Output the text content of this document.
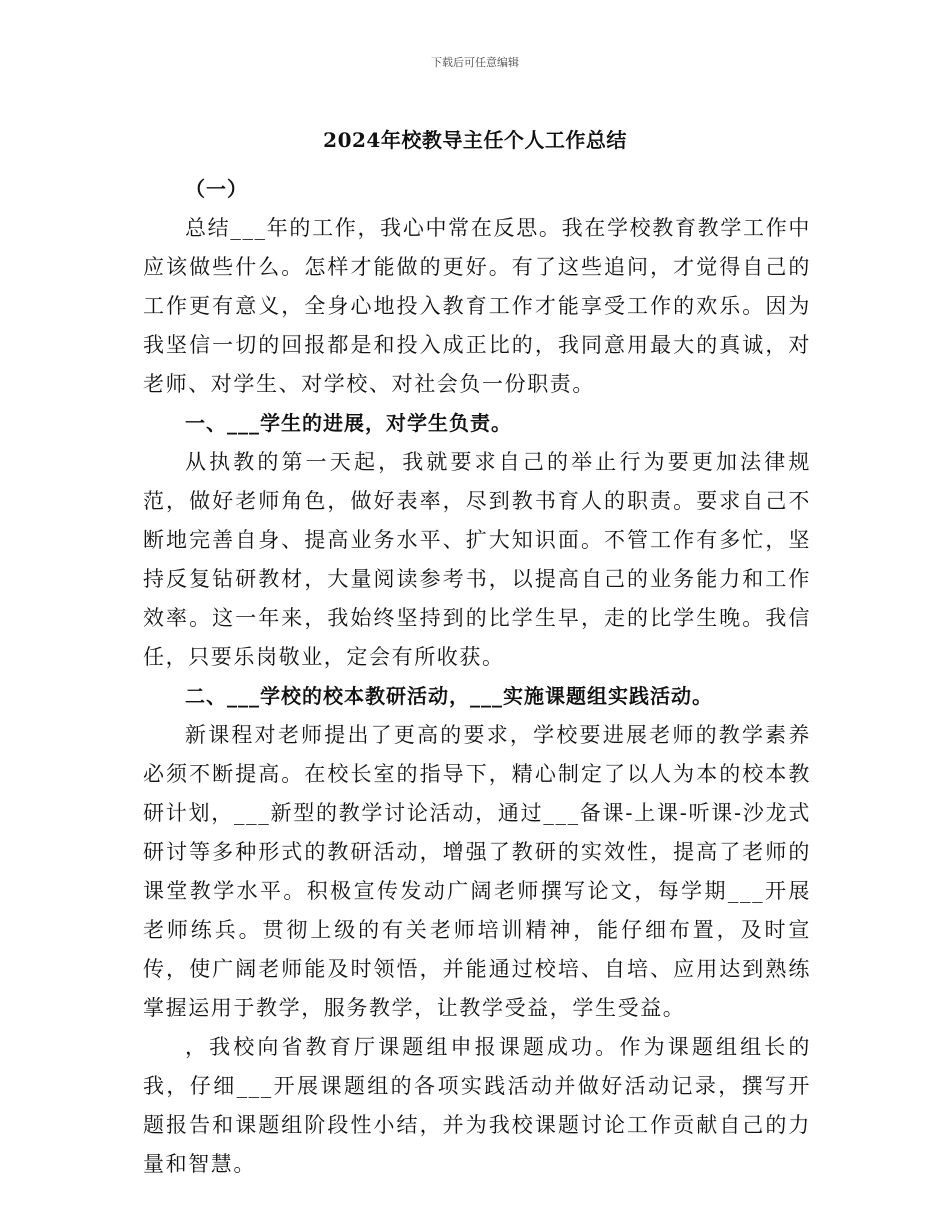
下载后可任意编辑
2024年校教导主任个人工作总结

（一）

总结___年的工作，我心中常在反思。我在学校教育教学工作中应该做些什么。怎样才能做的更好。有了这些追问，才觉得自己的工作更有意义，全身心地投入教育工作才能享受工作的欢乐。因为我坚信一切的回报都是和投入成正比的，我同意用最大的真诚，对老师、对学生、对学校、对社会负一份职责。

一、___学生的进展，对学生负责。

从执教的第一天起，我就要求自己的举止行为要更加法律规范，做好老师角色，做好表率，尽到教书育人的职责。要求自己不断地完善自身、提高业务水平、扩大知识面。不管工作有多忙，坚持反复钻研教材，大量阅读参考书，以提高自己的业务能力和工作效率。这一年来，我始终坚持到的比学生早，走的比学生晚。我信任，只要乐岗敬业，定会有所收获。

二、___学校的校本教研活动，___实施课题组实践活动。

新课程对老师提出了更高的要求，学校要进展老师的教学素养必须不断提高。在校长室的指导下，精心制定了以人为本的校本教研计划，___新型的教学讨论活动，通过___备课-上课-听课-沙龙式研讨等多种形式的教研活动，增强了教研的实效性，提高了老师的课堂教学水平。积极宣传发动广阔老师撰写论文，每学期___开展老师练兵。贯彻上级的有关老师培训精神，能仔细布置，及时宣传，使广阔老师能及时领悟，并能通过校培、自培、应用达到熟练掌握运用于教学，服务教学，让教学受益，学生受益。

，我校向省教育厅课题组申报课题成功。作为课题组组长的我，仔细___开展课题组的各项实践活动并做好活动记录，撰写开题报告和课题组阶段性小结，并为我校课题讨论工作贡献自己的力量和智慧。
